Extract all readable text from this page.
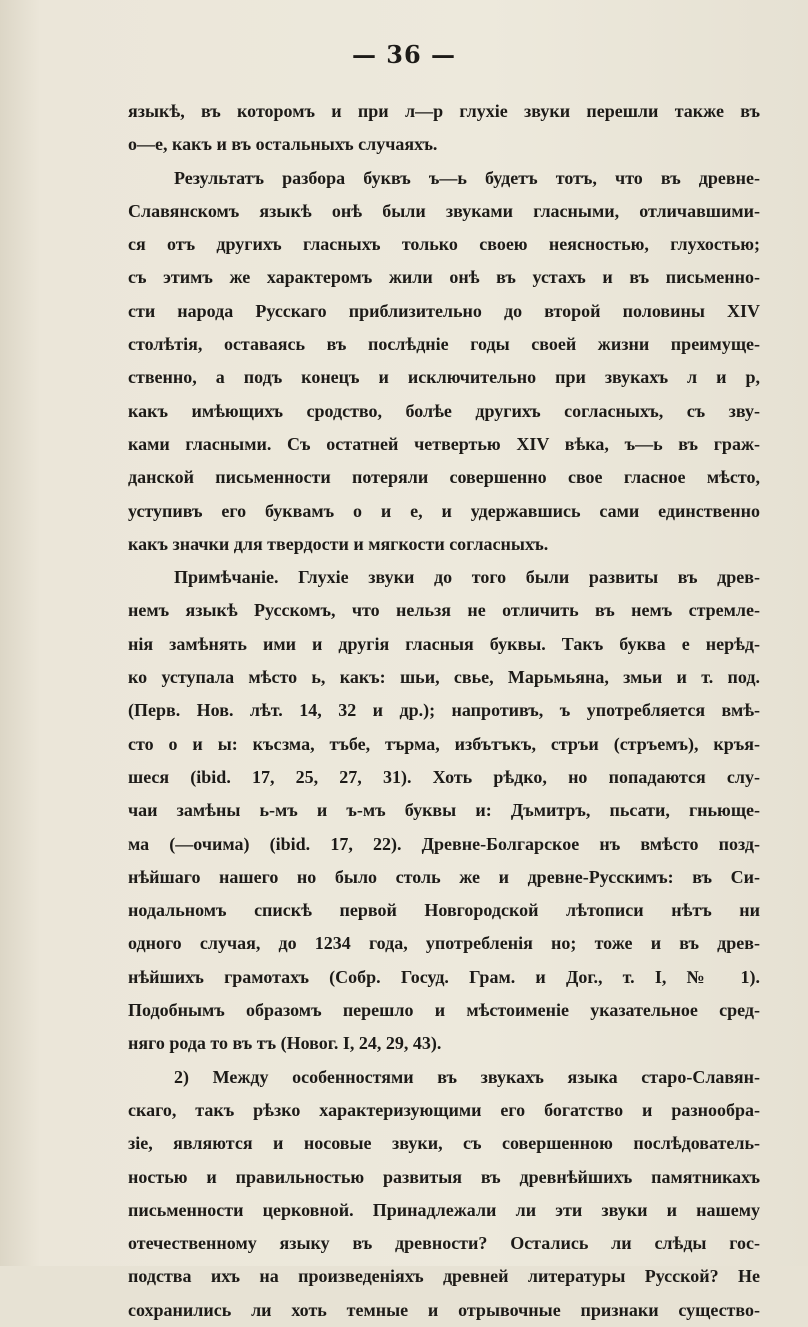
— 36 —
языкѣ, въ которомъ и при л—р глухіе звуки перешли также въ
о—е, какъ и въ остальныхъ случаяхъ.
Результатъ разбора буквъ ъ—ь будетъ тотъ, что въ древне-
Славянскомъ языкѣ онѣ были звуками гласными, отличавшими-
ся отъ другихъ гласныхъ только своею неясностью, глухостью;
съ этимъ же характеромъ жили онѣ въ устахъ и въ письменно-
сти народа Русскаго приблизительно до второй половины XIV
столѣтія, оставаясь въ послѣдніе годы своей жизни преимуще-
ственно, а подъ конецъ и исключительно при звукахъ л и р,
какъ имѣющихъ сродство, болѣе другихъ согласныхъ, съ зву-
ками гласными. Съ остатней четвертью XIV вѣка, ъ—ь въ граж-
данской письменности потеряли совершенно свое гласное мѣсто,
уступивъ его буквамъ о и е, и удержавшись сами единственно
какъ значки для твердости и мягкости согласныхъ.
Примѣчаніе. Глухіе звуки до того были развиты въ древ-
немъ языкѣ Русскомъ, что нельзя не отличить въ немъ стремле-
нія замѣнять ими и другія гласныя буквы. Такъ буква е нерѣд-
ко уступала мѣсто ь, какъ: шьи, свье, Марьмьяна, змьи и т. под.
(Перв. Нов. лѣт. 14, 32 и др.); напротивъ, ъ употребляется вмѣ-
сто о и ы: късзма, тъбе, търма, избътъкъ, стръи (стръемъ), кръя-
шеся (ibid. 17, 25, 27, 31). Хоть рѣдко, но попадаются слу-
чаи замѣны ь-мъ и ъ-мъ буквы и: Дъмитръ, пьсати, гньюще-
ма (—очима) (ibid. 17, 22). Древне-Болгарское нъ вмѣсто позд-
нѣйшаго нашего но было столь же и древне-Русскимъ: въ Си-
нодальномъ спискѣ первой Новгородской лѣтописи нѣтъ ни
одного случая, до 1234 года, употребленія но; тоже и въ древ-
нѣйшихъ грамотахъ (Собр. Госуд. Грам. и Дог., т. I, № 1).
Подобнымъ образомъ перешло и мѣстоименіе указательное сред-
няго рода то въ тъ (Новог. I, 24, 29, 43).
2) Между особенностями въ звукахъ языка старо-Славян-
скаго, такъ рѣзко характеризующими его богатство и разнообра-
зіе, являются и носовые звуки, съ совершенною послѣдователь-
ностью и правильностью развитыя въ древнѣйшихъ памятникахъ
письменности церковной. Принадлежали ли эти звуки и нашему
отечественному языку въ древности? Остались ли слѣды гос-
подства ихъ на произведеніяхъ древней литературы Русской? Не
сохранились ли хоть темные и отрывочные признаки существо-
